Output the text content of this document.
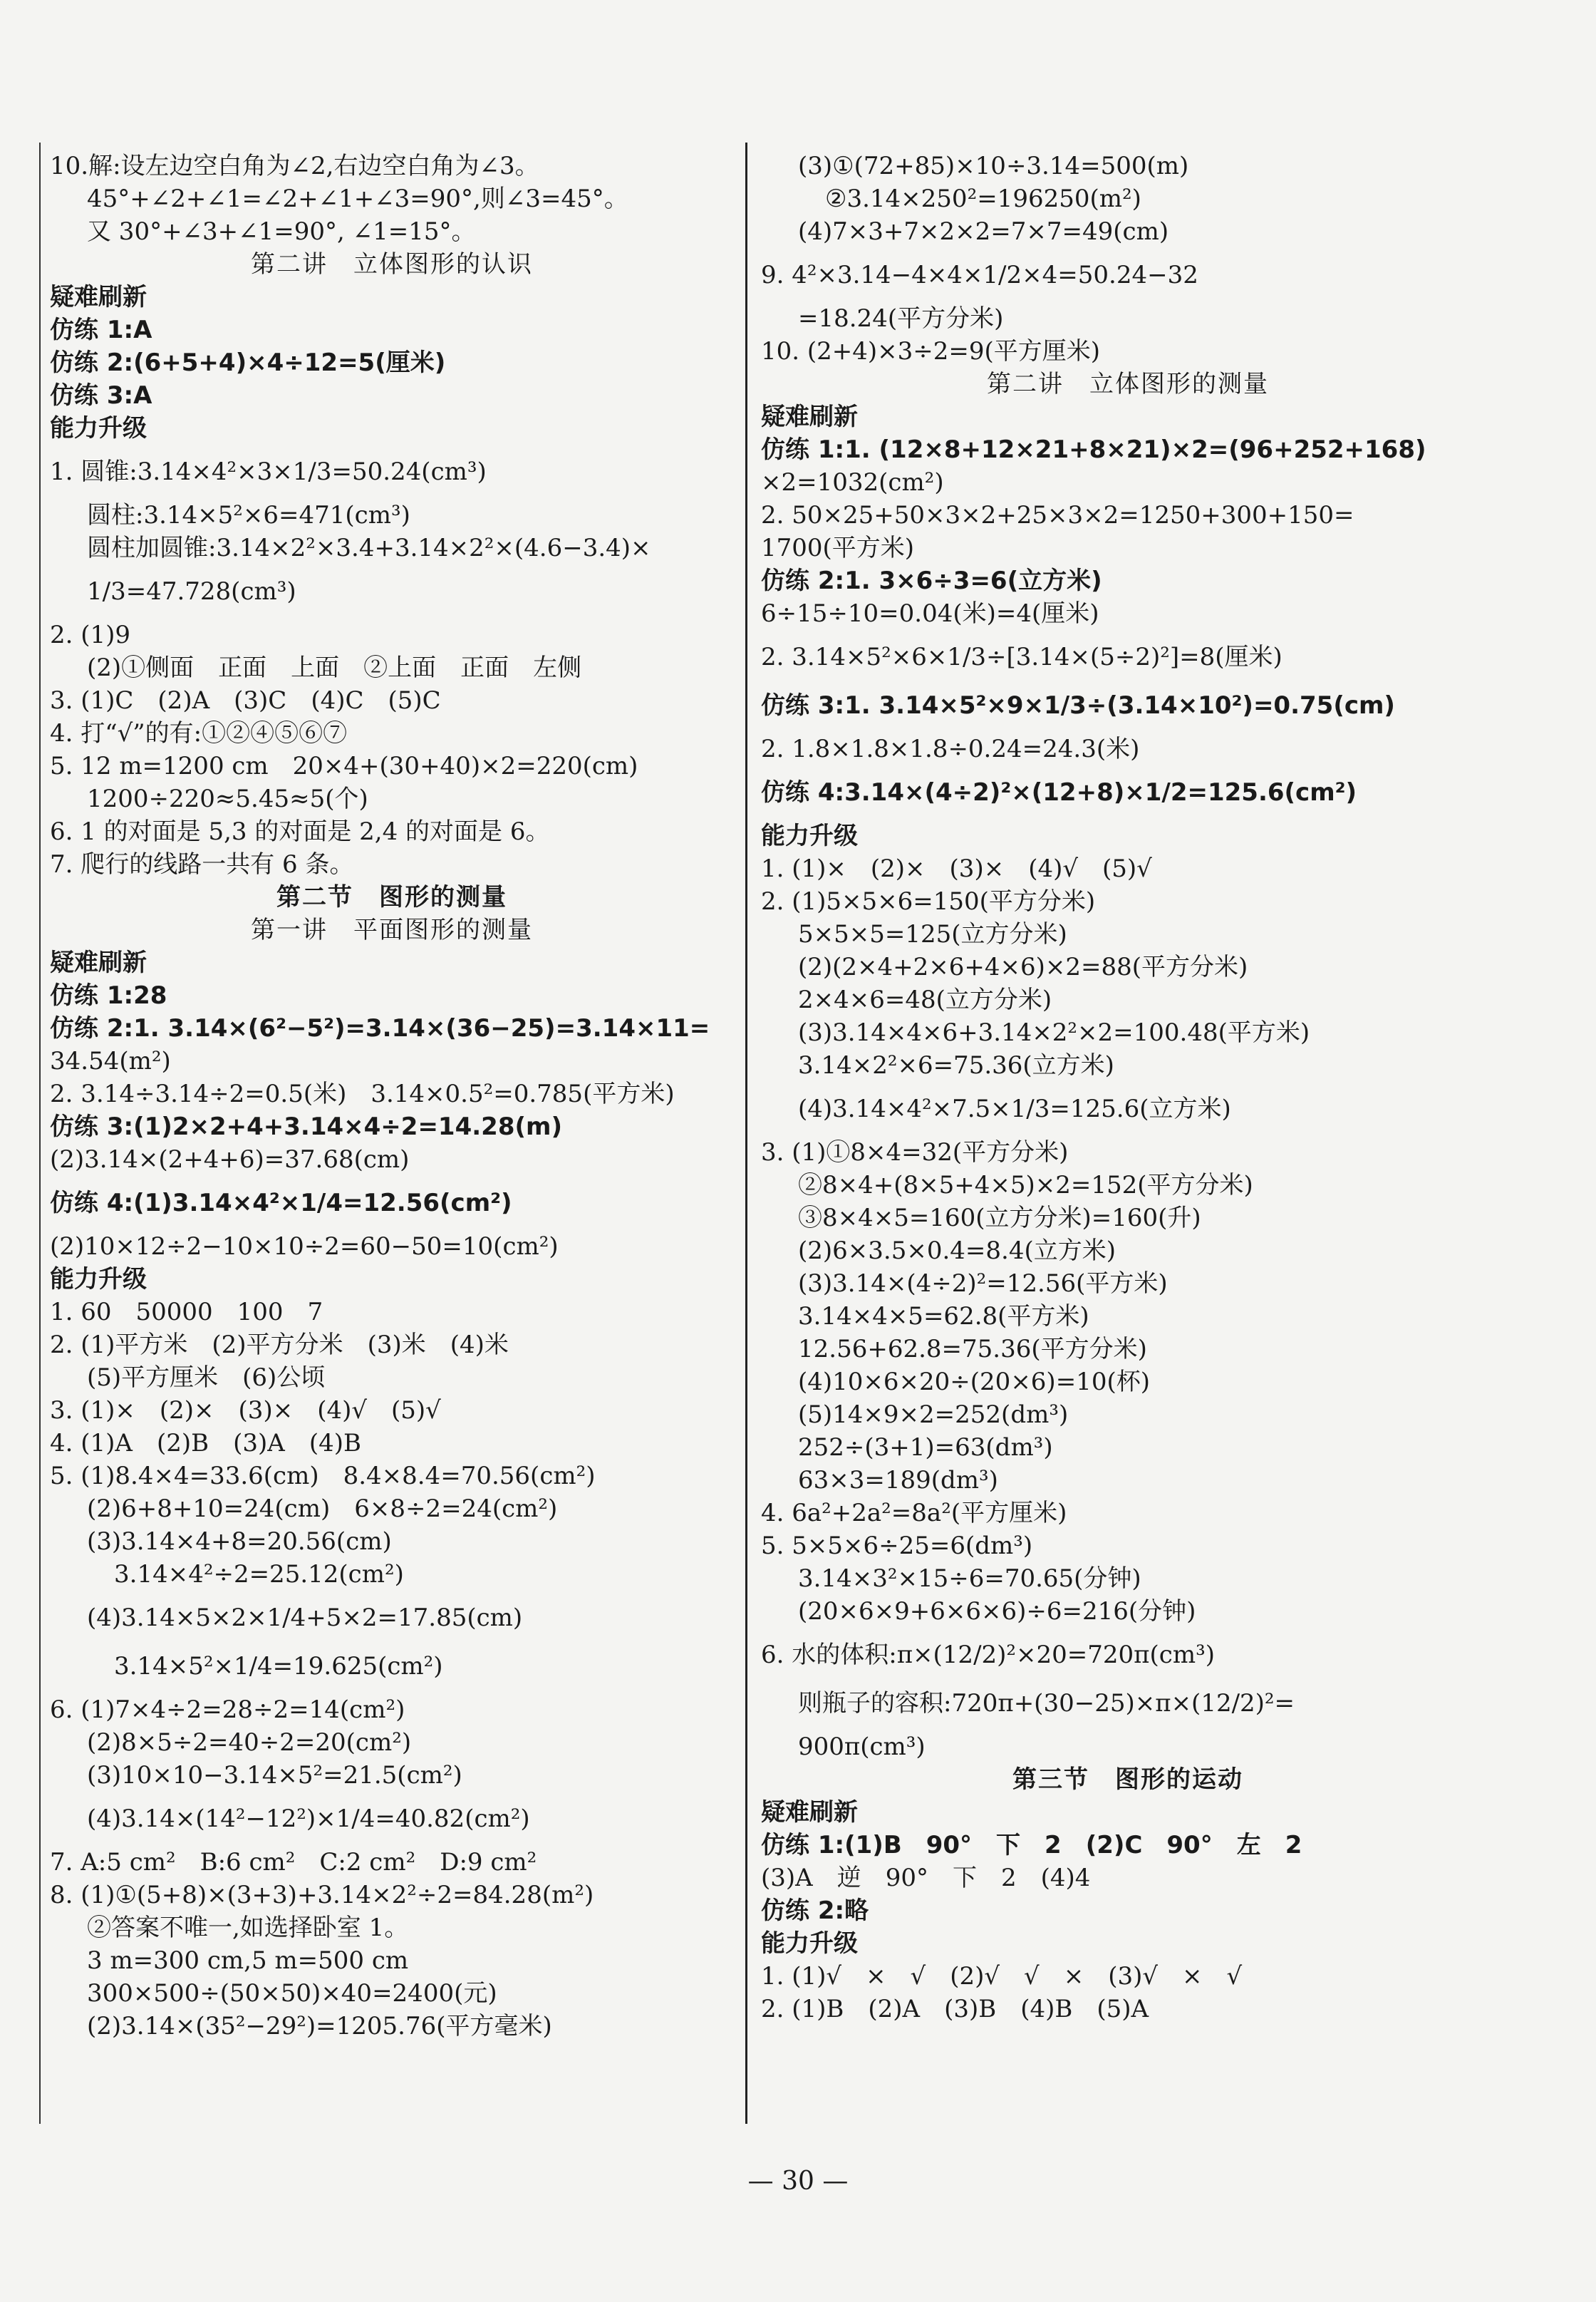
10.解:设左边空白角为∠2,右边空白角为∠3。
45°+∠2+∠1=∠2+∠1+∠3=90°,则∠3=45°。
又 30°+∠3+∠1=90°, ∠1=15°。
第二讲　立体图形的认识
疑难刷新
仿练 1:A
仿练 2:(6+5+4)×4÷12=5(厘米)
仿练 3:A
能力升级
1. 圆锥:3.14×4²×3×1/3=50.24(cm³)
圆柱:3.14×5²×6=471(cm³)
圆柱加圆锥:3.14×2²×3.4+3.14×2²×(4.6−3.4)×
1/3=47.728(cm³)
2. (1)9
(2)①侧面　正面　上面　②上面　正面　左侧
3. (1)C　(2)A　(3)C　(4)C　(5)C
4. 打“√”的有:①②④⑤⑥⑦
5. 12 m=1200 cm　20×4+(30+40)×2=220(cm)
1200÷220≈5.45≈5(个)
6. 1 的对面是 5,3 的对面是 2,4 的对面是 6。
7. 爬行的线路一共有 6 条。
第二节　图形的测量
第一讲　平面图形的测量
疑难刷新
仿练 1:28
仿练 2:1. 3.14×(6²−5²)=3.14×(36−25)=3.14×11=
34.54(m²)
2. 3.14÷3.14÷2=0.5(米)　3.14×0.5²=0.785(平方米)
仿练 3:(1)2×2+4+3.14×4÷2=14.28(m)
(2)3.14×(2+4+6)=37.68(cm)
仿练 4:(1)3.14×4²×1/4=12.56(cm²)
(2)10×12÷2−10×10÷2=60−50=10(cm²)
能力升级
1. 60　50000　100　7
2. (1)平方米　(2)平方分米　(3)米　(4)米
(5)平方厘米　(6)公顷
3. (1)×　(2)×　(3)×　(4)√　(5)√
4. (1)A　(2)B　(3)A　(4)B
5. (1)8.4×4=33.6(cm)　8.4×8.4=70.56(cm²)
(2)6+8+10=24(cm)　6×8÷2=24(cm²)
(3)3.14×4+8=20.56(cm)
3.14×4²÷2=25.12(cm²)
(4)3.14×5×2×1/4+5×2=17.85(cm)
3.14×5²×1/4=19.625(cm²)
6. (1)7×4÷2=28÷2=14(cm²)
(2)8×5÷2=40÷2=20(cm²)
(3)10×10−3.14×5²=21.5(cm²)
(4)3.14×(14²−12²)×1/4=40.82(cm²)
7. A:5 cm²　B:6 cm²　C:2 cm²　D:9 cm²
8. (1)①(5+8)×(3+3)+3.14×2²÷2=84.28(m²)
②答案不唯一,如选择卧室 1。
3 m=300 cm,5 m=500 cm
300×500÷(50×50)×40=2400(元)
(2)3.14×(35²−29²)=1205.76(平方毫米)
(3)①(72+85)×10÷3.14=500(m)
②3.14×250²=196250(m²)
(4)7×3+7×2×2=7×7=49(cm)
9. 4²×3.14−4×4×1/2×4=50.24−32
=18.24(平方分米)
10. (2+4)×3÷2=9(平方厘米)
第二讲　立体图形的测量
疑难刷新
仿练 1:1. (12×8+12×21+8×21)×2=(96+252+168)
×2=1032(cm²)
2. 50×25+50×3×2+25×3×2=1250+300+150=
1700(平方米)
仿练 2:1. 3×6÷3=6(立方米)
6÷15÷10=0.04(米)=4(厘米)
2. 3.14×5²×6×1/3÷[3.14×(5÷2)²]=8(厘米)
仿练 3:1. 3.14×5²×9×1/3÷(3.14×10²)=0.75(cm)
2. 1.8×1.8×1.8÷0.24=24.3(米)
仿练 4:3.14×(4÷2)²×(12+8)×1/2=125.6(cm²)
能力升级
1. (1)×　(2)×　(3)×　(4)√　(5)√
2. (1)5×5×6=150(平方分米)
5×5×5=125(立方分米)
(2)(2×4+2×6+4×6)×2=88(平方分米)
2×4×6=48(立方分米)
(3)3.14×4×6+3.14×2²×2=100.48(平方米)
3.14×2²×6=75.36(立方米)
(4)3.14×4²×7.5×1/3=125.6(立方米)
3. (1)①8×4=32(平方分米)
②8×4+(8×5+4×5)×2=152(平方分米)
③8×4×5=160(立方分米)=160(升)
(2)6×3.5×0.4=8.4(立方米)
(3)3.14×(4÷2)²=12.56(平方米)
3.14×4×5=62.8(平方米)
12.56+62.8=75.36(平方分米)
(4)10×6×20÷(20×6)=10(杯)
(5)14×9×2=252(dm³)
252÷(3+1)=63(dm³)
63×3=189(dm³)
4. 6a²+2a²=8a²(平方厘米)
5. 5×5×6÷25=6(dm³)
3.14×3²×15÷6=70.65(分钟)
(20×6×9+6×6×6)÷6=216(分钟)
6. 水的体积:π×(12/2)²×20=720π(cm³)
则瓶子的容积:720π+(30−25)×π×(12/2)²=
900π(cm³)
第三节　图形的运动
疑难刷新
仿练 1:(1)B　90°　下　2　(2)C　90°　左　2
(3)A　逆　90°　下　2　(4)4
仿练 2:略
能力升级
1. (1)√　×　√　(2)√　√　×　(3)√　×　√
2. (1)B　(2)A　(3)B　(4)B　(5)A
— 30 —
